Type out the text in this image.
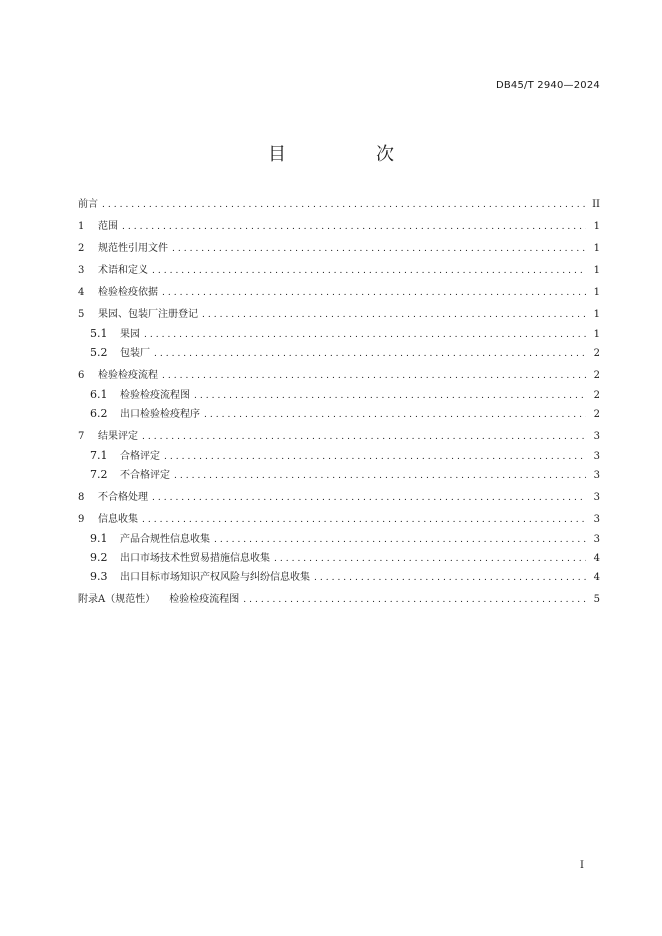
DB45/T 2940—2024
目　次
前言 .....	II
1 范围 .....	1
2 规范性引用文件 .....	1
3 术语和定义 .....	1
4 检验检疫依据 .....	1
5 果园、包装厂注册登记 .....	1
5.1 果园 .....	1
5.2 包装厂 .....	2
6 检验检疫流程 .....	2
6.1 检验检疫流程图 .....	2
6.2 出口检验检疫程序 .....	2
7 结果评定 .....	3
7.1 合格评定 .....	3
7.2 不合格评定 .....	3
8 不合格处理 .....	3
9 信息收集 .....	3
9.1 产品合规性信息收集 .....	3
9.2 出口市场技术性贸易措施信息收集 .....	4
9.3 出口目标市场知识产权风险与纠纷信息收集 .....	4
附录A（规范性） 检验检疫流程图 .....	5
I
